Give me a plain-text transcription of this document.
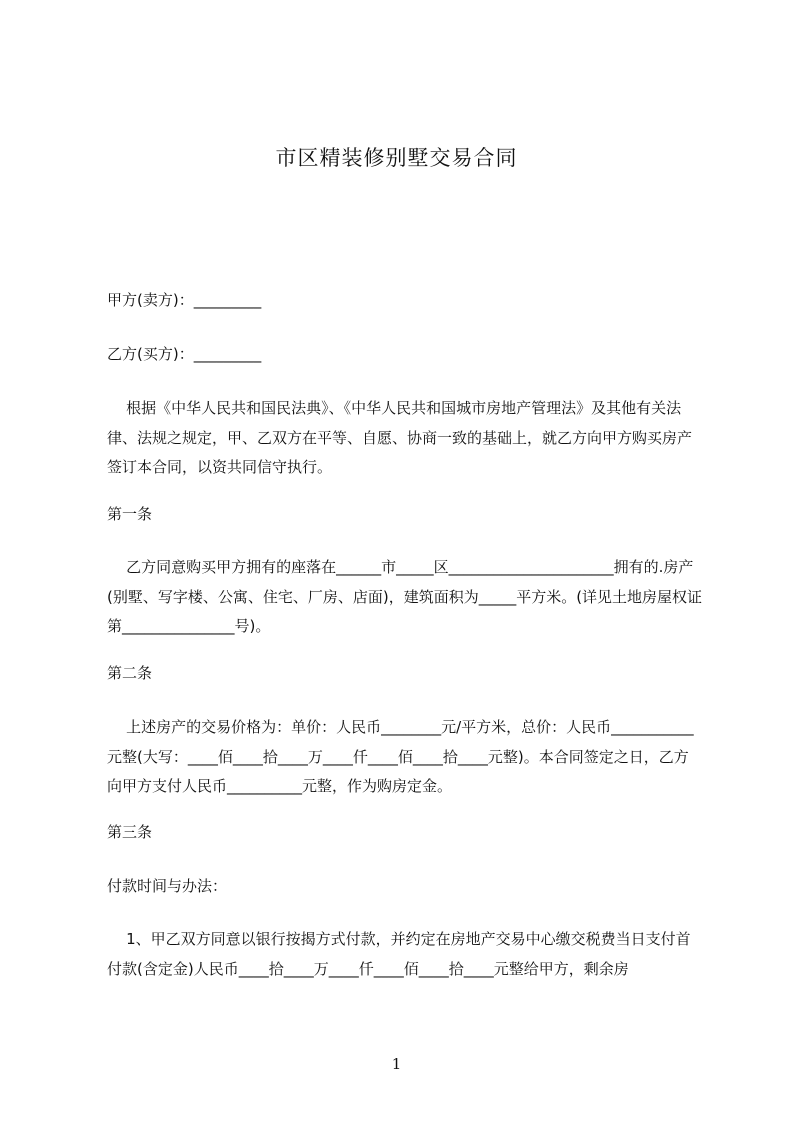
市区精装修别墅交易合同

甲方(卖方)：_________

乙方(买方)：_________

根据《中华人民共和国民法典》、《中华人民共和国城市房地产管理法》及其他有关法律、法规之规定，甲、乙双方在平等、自愿、协商一致的基础上，就乙方向甲方购买房产签订本合同，以资共同信守执行。

第一条

乙方同意购买甲方拥有的座落在______市_____区______________________拥有的.房产(别墅、写字楼、公寓、住宅、厂房、店面)，建筑面积为_____平方米。(详见土地房屋权证第_______________号)。

第二条

上述房产的交易价格为：单价：人民币________元/平方米，总价：人民币___________元整(大写：____佰____拾____万____仟____佰____拾____元整)。本合同签定之日，乙方向甲方支付人民币__________元整，作为购房定金。

第三条

付款时间与办法：

1、甲乙双方同意以银行按揭方式付款，并约定在房地产交易中心缴交税费当日支付首付款(含定金)人民币____拾____万____仟____佰____拾____元整给甲方，剩余房

1
